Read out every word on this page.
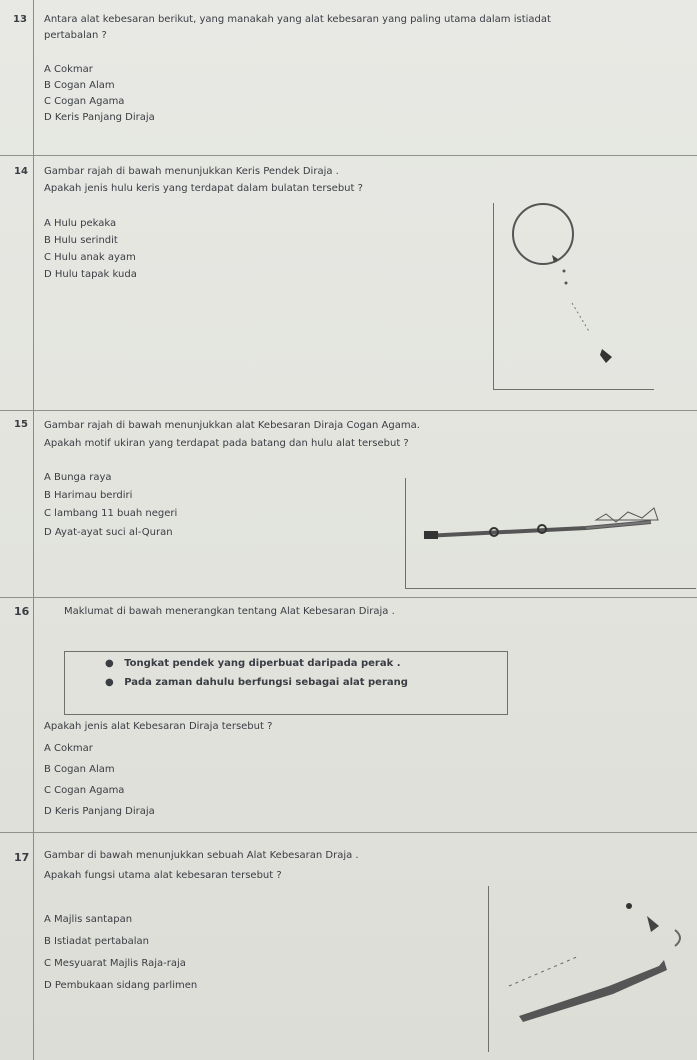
13 Antara alat kebesaran berikut, yang manakah yang alat kebesaran yang paling utama dalam istiadat
pertabalan ?
A Cokmar
B Cogan Alam
C Cogan Agama
D Keris Panjang Diraja
14 Gambar rajah di bawah menunjukkan Keris Pendek Diraja .
Apakah jenis hulu keris yang terdapat dalam bulatan tersebut ?
A Hulu pekaka
B Hulu serindit
C Hulu anak ayam
D Hulu tapak kuda
15 Gambar rajah di bawah menunjukkan alat Kebesaran Diraja Cogan Agama.
Apakah motif ukiran yang terdapat pada batang dan hulu alat tersebut ?
A Bunga raya
B Harimau berdiri
C lambang 11 buah negeri
D Ayat-ayat suci al-Quran
16	Maklumat di bawah menerangkan tentang Alat Kebesaran Diraja .
● Tongkat pendek yang diperbuat daripada perak .
● Pada zaman dahulu berfungsi sebagai alat perang
Apakah jenis alat Kebesaran Diraja tersebut ?
A Cokmar
B Cogan Alam
C Cogan Agama
D Keris Panjang Diraja
17 Gambar di bawah menunjukkan sebuah Alat Kebesaran Draja .
Apakah fungsi utama alat kebesaran tersebut ?
A Majlis santapan
B Istiadat pertabalan
C Mesyuarat Majlis Raja-raja
D Pembukaan sidang parlimen
